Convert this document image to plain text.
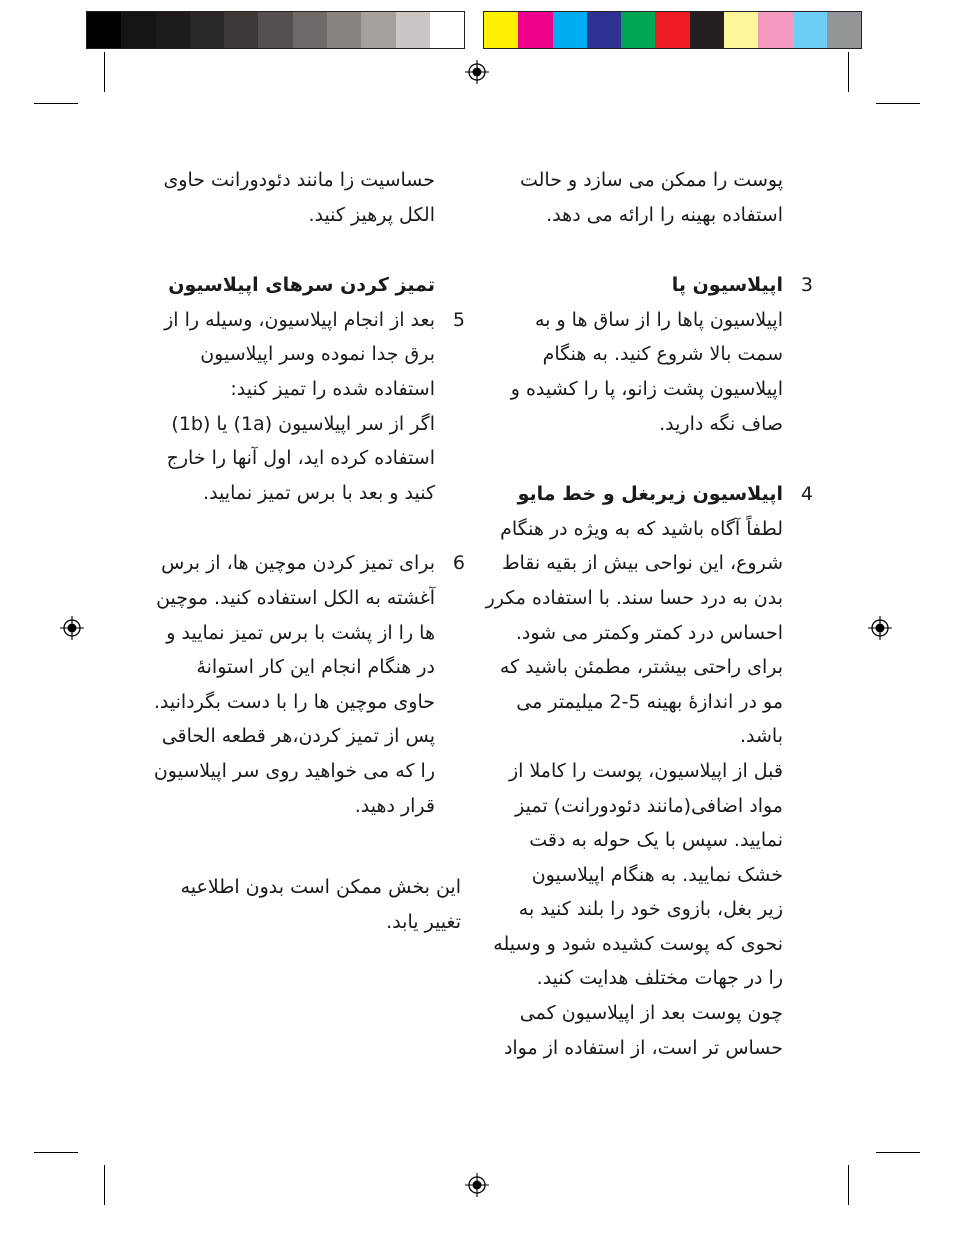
پوست را ممکن می سازد و حالت

استفاده بهینه را ارائه می دهد.

3

اپیلاسیون پا

اپیلاسیون پاها را از ساق ها و به

سمت بالا شروع کنید. به هنگام

اپیلاسیون پشت زانو، پا را کشیده و

صاف نگه دارید.

4

اپیلاسیون زیربغل و خط مایو

لطفاً آگاه باشید که به ویژه در هنگام

شروع، این نواحی بیش از بقیه نقاط

بدن به درد حسا سند. با استفاده مکرر

احساس درد کمتر وکمتر می شود.

برای راحتی بیشتر، مطمئن باشید که

مو در اندازۀ بهینه 5-2 میلیمتر می

باشد.

قبل از اپیلاسیون، پوست را کاملا از

مواد اضافی(مانند دئودورانت) تمیز

نمایید. سپس با یک حوله به دقت

خشک نمایید. به هنگام اپیلاسیون

زیر بغل، بازوی خود را بلند کنید به

نحوی که پوست کشیده شود و وسیله

را در جهات مختلف هدایت کنید.

چون پوست بعد از اپیلاسیون کمی

حساس تر است، از استفاده از مواد

حساسیت زا مانند دئودورانت حاوی

الکل پرهیز کنید.

تمیز کردن سرهای اپیلاسیون

5

بعد از انجام اپیلاسیون، وسیله را از

برق جدا نموده وسر اپیلاسیون

استفاده شده را تمیز کنید:

اگر از سر اپیلاسیون (1a) یا (1b)

استفاده کرده اید، اول آنها را خارج

کنید و بعد با برس تمیز نمایید.

6

برای تمیز کردن موچین ها، از برس

آغشته به الکل استفاده کنید. موچین

ها را از پشت با برس تمیز نمایید و

در هنگام انجام این کار استوانۀ

حاوی موچین ها را با دست بگردانید.

پس از تمیز کردن،هر قطعه الحاقی

را که می خواهید روی سر اپیلاسیون

قرار دهید.

این بخش ممکن است بدون اطلاعیه

تغییر یابد.
